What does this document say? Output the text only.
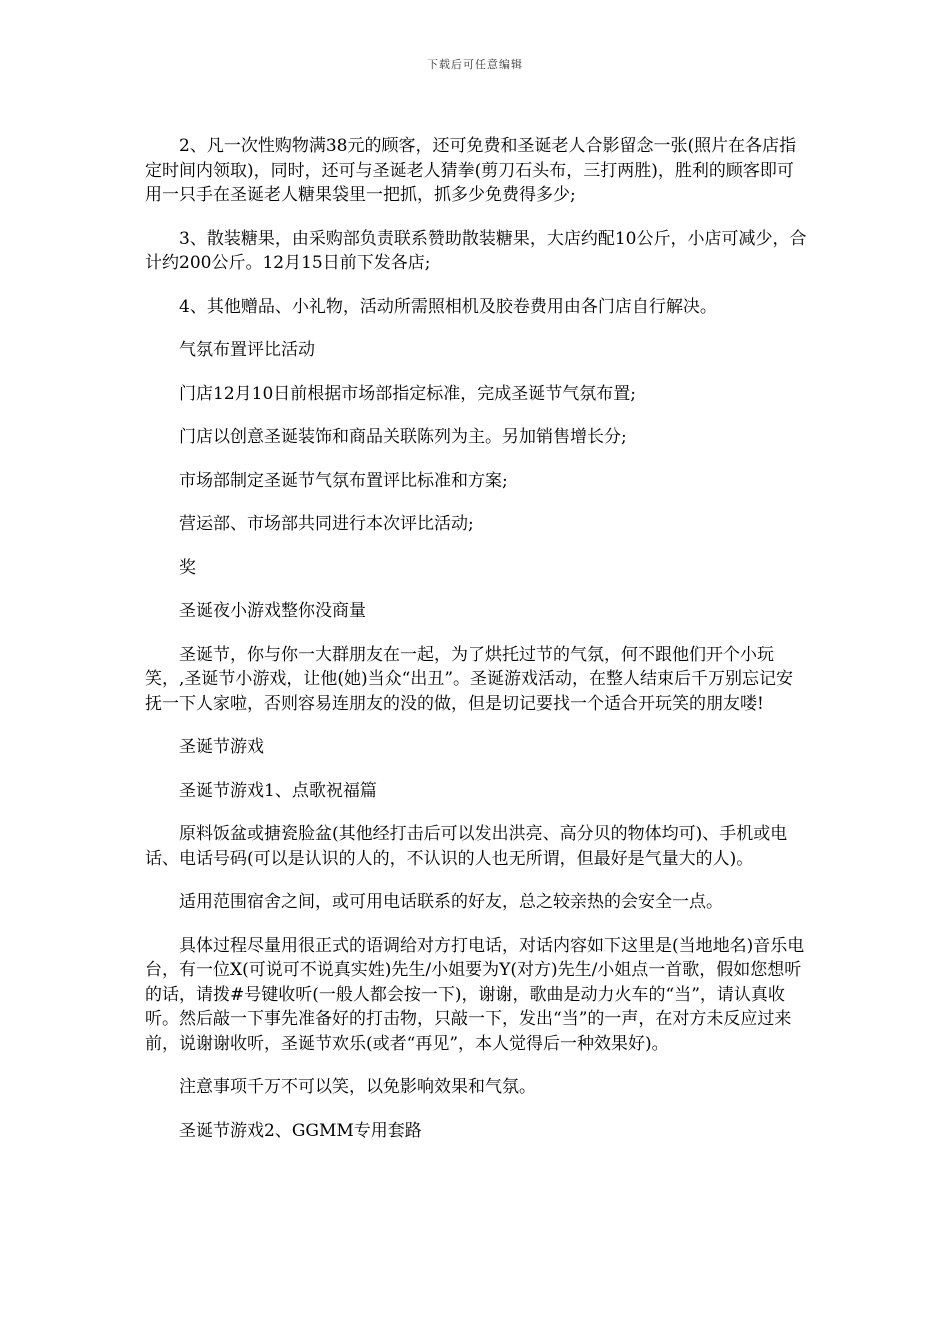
下载后可任意编辑

2、凡一次性购物满38元的顾客，还可免费和圣诞老人合影留念一张(照片在各店指定时间内领取)，同时，还可与圣诞老人猜拳(剪刀石头布，三打两胜)，胜利的顾客即可用一只手在圣诞老人糖果袋里一把抓，抓多少免费得多少;

3、散装糖果，由采购部负责联系赞助散装糖果，大店约配10公斤，小店可减少，合计约200公斤。12月15日前下发各店;

4、其他赠品、小礼物，活动所需照相机及胶卷费用由各门店自行解决。

气氛布置评比活动

门店12月10日前根据市场部指定标准，完成圣诞节气氛布置;

门店以创意圣诞装饰和商品关联陈列为主。另加销售增长分;

市场部制定圣诞节气氛布置评比标准和方案;

营运部、市场部共同进行本次评比活动;

奖

圣诞夜小游戏整你没商量

圣诞节，你与你一大群朋友在一起，为了烘托过节的气氛，何不跟他们开个小玩笑，,圣诞节小游戏，让他(她)当众“出丑”。圣诞游戏活动，在整人结束后千万别忘记安抚一下人家啦，否则容易连朋友的没的做，但是切记要找一个适合开玩笑的朋友喽!

圣诞节游戏

圣诞节游戏1、点歌祝福篇

原料饭盆或搪瓷脸盆(其他经打击后可以发出洪亮、高分贝的物体均可)、手机或电话、电话号码(可以是认识的人的，不认识的人也无所谓，但最好是气量大的人)。

适用范围宿舍之间，或可用电话联系的好友，总之较亲热的会安全一点。

具体过程尽量用很正式的语调给对方打电话，对话内容如下这里是(当地地名)音乐电台，有一位X(可说可不说真实姓)先生/小姐要为Y(对方)先生/小姐点一首歌，假如您想听的话，请拨#号键收听(一般人都会按一下)，谢谢，歌曲是动力火车的“当”，请认真收听。然后敲一下事先准备好的打击物，只敲一下，发出“当”的一声，在对方未反应过来前，说谢谢收听，圣诞节欢乐(或者“再见”，本人觉得后一种效果好)。

注意事项千万不可以笑，以免影响效果和气氛。

圣诞节游戏2、GGMM专用套路
